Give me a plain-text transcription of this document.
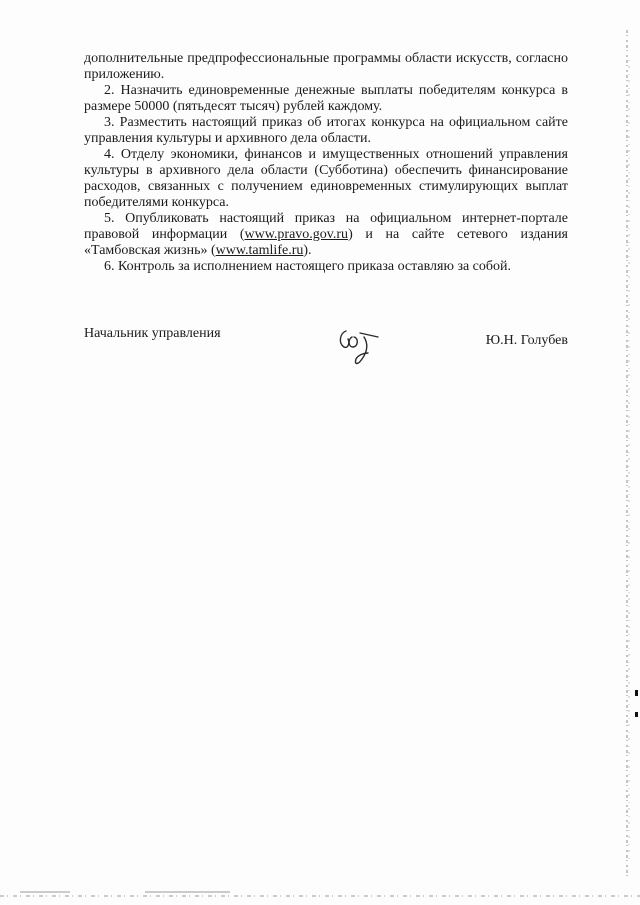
дополнительные предпрофессиональные программы области искусств, согласно приложению.

2. Назначить единовременные денежные выплаты победителям конкурса в размере 50000 (пятьдесят тысяч) рублей каждому.

3. Разместить настоящий приказ об итогах конкурса на официальном сайте управления культуры и архивного дела области.

4. Отделу экономики, финансов и имущественных отношений управления культуры в архивного дела области (Субботина) обеспечить финансирование расходов, связанных с получением единовременных стимулирующих выплат победителями конкурса.

5. Опубликовать настоящий приказ на официальном интернет-портале правовой информации (www.pravo.gov.ru) и на сайте сетевого издания «Тамбовская жизнь» (www.tamlife.ru).

6. Контроль за исполнением настоящего приказа оставляю за собой.

Начальник управления	Ю.Н. Голубев
